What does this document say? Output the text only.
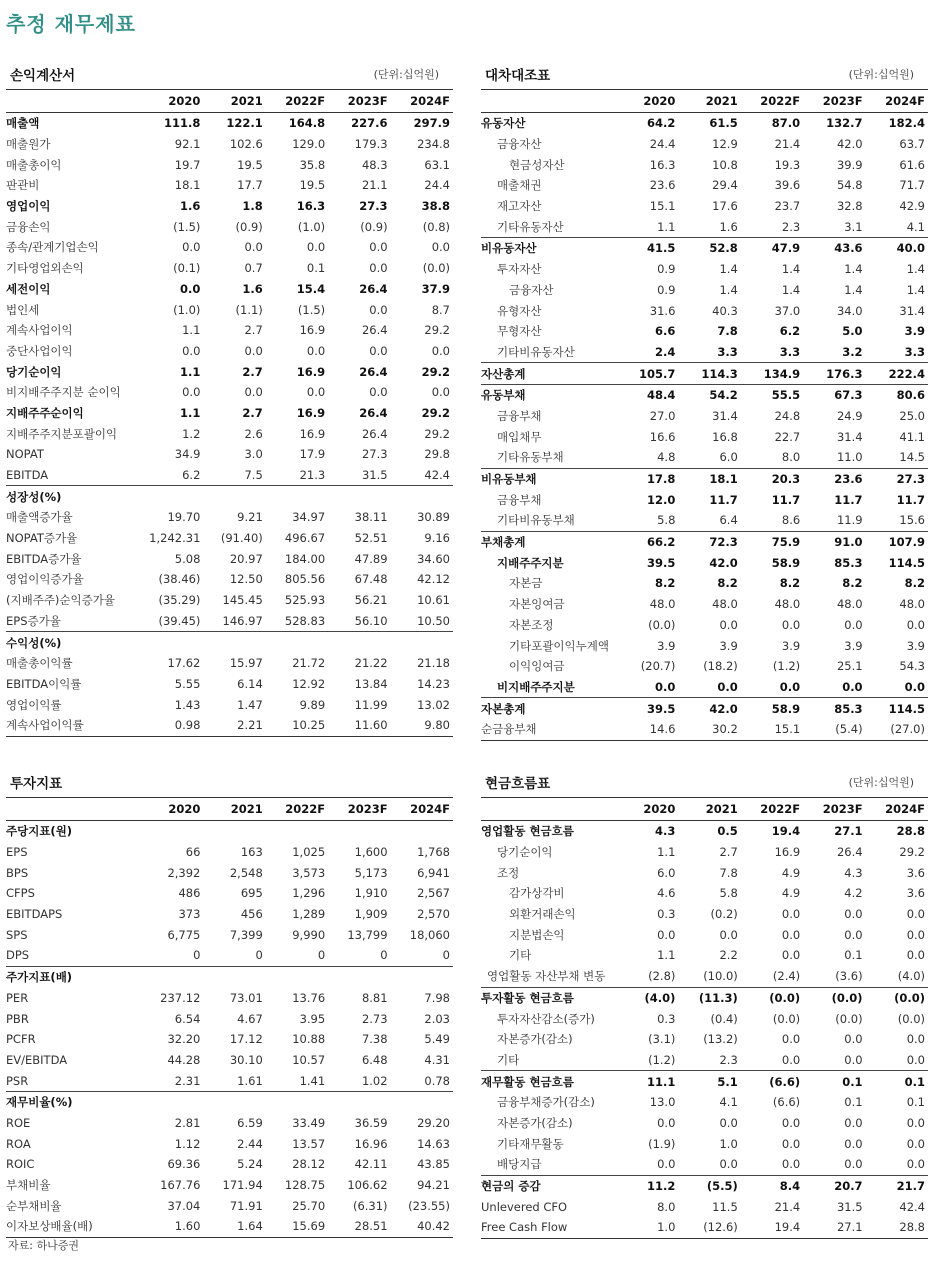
추정 재무제표
손익계산서	(단위:십억원)
	2020	2021	2022F	2023F	2024F
매출액	111.8	122.1	164.8	227.6	297.9
매출원가	92.1	102.6	129.0	179.3	234.8
매출총이익	19.7	19.5	35.8	48.3	63.1
판관비	18.1	17.7	19.5	21.1	24.4
영업이익	1.6	1.8	16.3	27.3	38.8
금융손익	(1.5)	(0.9)	(1.0)	(0.9)	(0.8)
종속/관계기업손익	0.0	0.0	0.0	0.0	0.0
기타영업외손익	(0.1)	0.7	0.1	0.0	(0.0)
세전이익	0.0	1.6	15.4	26.4	37.9
법인세	(1.0)	(1.1)	(1.5)	0.0	8.7
계속사업이익	1.1	2.7	16.9	26.4	29.2
중단사업이익	0.0	0.0	0.0	0.0	0.0
당기순이익	1.1	2.7	16.9	26.4	29.2
비지배주주지분 순이익	0.0	0.0	0.0	0.0	0.0
지배주주순이익	1.1	2.7	16.9	26.4	29.2
지배주주지분포괄이익	1.2	2.6	16.9	26.4	29.2
NOPAT	34.9	3.0	17.9	27.3	29.8
EBITDA	6.2	7.5	21.3	31.5	42.4
성장성(%)					
매출액증가율	19.70	9.21	34.97	38.11	30.89
NOPAT증가율	1,242.31	(91.40)	496.67	52.51	9.16
EBITDA증가율	5.08	20.97	184.00	47.89	34.60
영업이익증가율	(38.46)	12.50	805.56	67.48	42.12
(지배주주)순익증가율	(35.29)	145.45	525.93	56.21	10.61
EPS증가율	(39.45)	146.97	528.83	56.10	10.50
수익성(%)					
매출총이익률	17.62	15.97	21.72	21.22	21.18
EBITDA이익률	5.55	6.14	12.92	13.84	14.23
영업이익률	1.43	1.47	9.89	11.99	13.02
계속사업이익률	0.98	2.21	10.25	11.60	9.80
대차대조표	(단위:십억원)
	2020	2021	2022F	2023F	2024F
유동자산	64.2	61.5	87.0	132.7	182.4
금융자산	24.4	12.9	21.4	42.0	63.7
현금성자산	16.3	10.8	19.3	39.9	61.6
매출채권	23.6	29.4	39.6	54.8	71.7
재고자산	15.1	17.6	23.7	32.8	42.9
기타유동자산	1.1	1.6	2.3	3.1	4.1
비유동자산	41.5	52.8	47.9	43.6	40.0
투자자산	0.9	1.4	1.4	1.4	1.4
금융자산	0.9	1.4	1.4	1.4	1.4
유형자산	31.6	40.3	37.0	34.0	31.4
무형자산	6.6	7.8	6.2	5.0	3.9
기타비유동자산	2.4	3.3	3.3	3.2	3.3
자산총계	105.7	114.3	134.9	176.3	222.4
유동부채	48.4	54.2	55.5	67.3	80.6
금융부채	27.0	31.4	24.8	24.9	25.0
매입채무	16.6	16.8	22.7	31.4	41.1
기타유동부채	4.8	6.0	8.0	11.0	14.5
비유동부채	17.8	18.1	20.3	23.6	27.3
금융부채	12.0	11.7	11.7	11.7	11.7
기타비유동부채	5.8	6.4	8.6	11.9	15.6
부채총계	66.2	72.3	75.9	91.0	107.9
지배주주지분	39.5	42.0	58.9	85.3	114.5
자본금	8.2	8.2	8.2	8.2	8.2
자본잉여금	48.0	48.0	48.0	48.0	48.0
자본조정	(0.0)	0.0	0.0	0.0	0.0
기타포괄이익누계액	3.9	3.9	3.9	3.9	3.9
이익잉여금	(20.7)	(18.2)	(1.2)	25.1	54.3
비지배주주지분	0.0	0.0	0.0	0.0	0.0
자본총계	39.5	42.0	58.9	85.3	114.5
순금융부채	14.6	30.2	15.1	(5.4)	(27.0)
투자지표
	2020	2021	2022F	2023F	2024F
주당지표(원)					
EPS	66	163	1,025	1,600	1,768
BPS	2,392	2,548	3,573	5,173	6,941
CFPS	486	695	1,296	1,910	2,567
EBITDAPS	373	456	1,289	1,909	2,570
SPS	6,775	7,399	9,990	13,799	18,060
DPS	0	0	0	0	0
주가지표(배)					
PER	237.12	73.01	13.76	8.81	7.98
PBR	6.54	4.67	3.95	2.73	2.03
PCFR	32.20	17.12	10.88	7.38	5.49
EV/EBITDA	44.28	30.10	10.57	6.48	4.31
PSR	2.31	1.61	1.41	1.02	0.78
재무비율(%)					
ROE	2.81	6.59	33.49	36.59	29.20
ROA	1.12	2.44	13.57	16.96	14.63
ROIC	69.36	5.24	28.12	42.11	43.85
부채비율	167.76	171.94	128.75	106.62	94.21
순부채비율	37.04	71.91	25.70	(6.31)	(23.55)
이자보상배율(배)	1.60	1.64	15.69	28.51	40.42
현금흐름표	(단위:십억원)
	2020	2021	2022F	2023F	2024F
영업활동 현금흐름	4.3	0.5	19.4	27.1	28.8
당기순이익	1.1	2.7	16.9	26.4	29.2
조정	6.0	7.8	4.9	4.3	3.6
감가상각비	4.6	5.8	4.9	4.2	3.6
외환거래손익	0.3	(0.2)	0.0	0.0	0.0
지분법손익	0.0	0.0	0.0	0.0	0.0
기타	1.1	2.2	0.0	0.1	0.0
영업활동 자산부채 변동	(2.8)	(10.0)	(2.4)	(3.6)	(4.0)
투자활동 현금흐름	(4.0)	(11.3)	(0.0)	(0.0)	(0.0)
투자자산감소(증가)	0.3	(0.4)	(0.0)	(0.0)	(0.0)
자본증가(감소)	(3.1)	(13.2)	0.0	0.0	0.0
기타	(1.2)	2.3	0.0	0.0	0.0
재무활동 현금흐름	11.1	5.1	(6.6)	0.1	0.1
금융부채증가(감소)	13.0	4.1	(6.6)	0.1	0.1
자본증가(감소)	0.0	0.0	0.0	0.0	0.0
기타재무활동	(1.9)	1.0	0.0	0.0	0.0
배당지급	0.0	0.0	0.0	0.0	0.0
현금의 증감	11.2	(5.5)	8.4	20.7	21.7
Unlevered CFO	8.0	11.5	21.4	31.5	42.4
Free Cash Flow	1.0	(12.6)	19.4	27.1	28.8
자료: 하나증권
